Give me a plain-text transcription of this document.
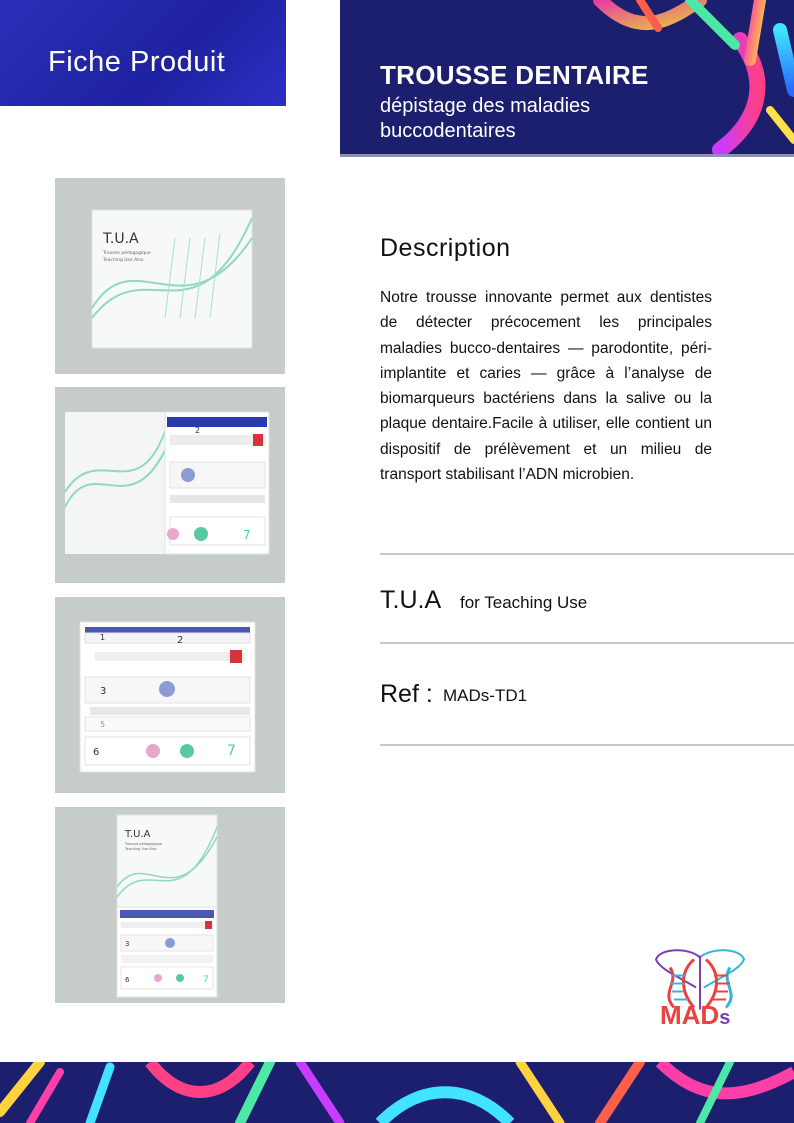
Fiche Produit	TROUSSE DENTAIRE
dépistage des maladies buccodentaires
T.U.A
Trousse pédagogique
Teaching Use Also
2
7
1	2
3
5
6	7
T.U.A
Trousse pédagogique
Teaching Use Also
3
6	7
Description
Notre trousse innovante permet aux dentistes de détecter précocement les principales maladies bucco-dentaires — parodontite, péri-implantite et caries — grâce à l’analyse de biomarqueurs bactériens dans la salive ou la plaque dentaire.Facile à utiliser, elle contient un dispositif de prélèvement et un milieu de transport stabilisant l’ADN microbien.
T.U.A for Teaching Use
Ref : MADs-TD1
MADs
